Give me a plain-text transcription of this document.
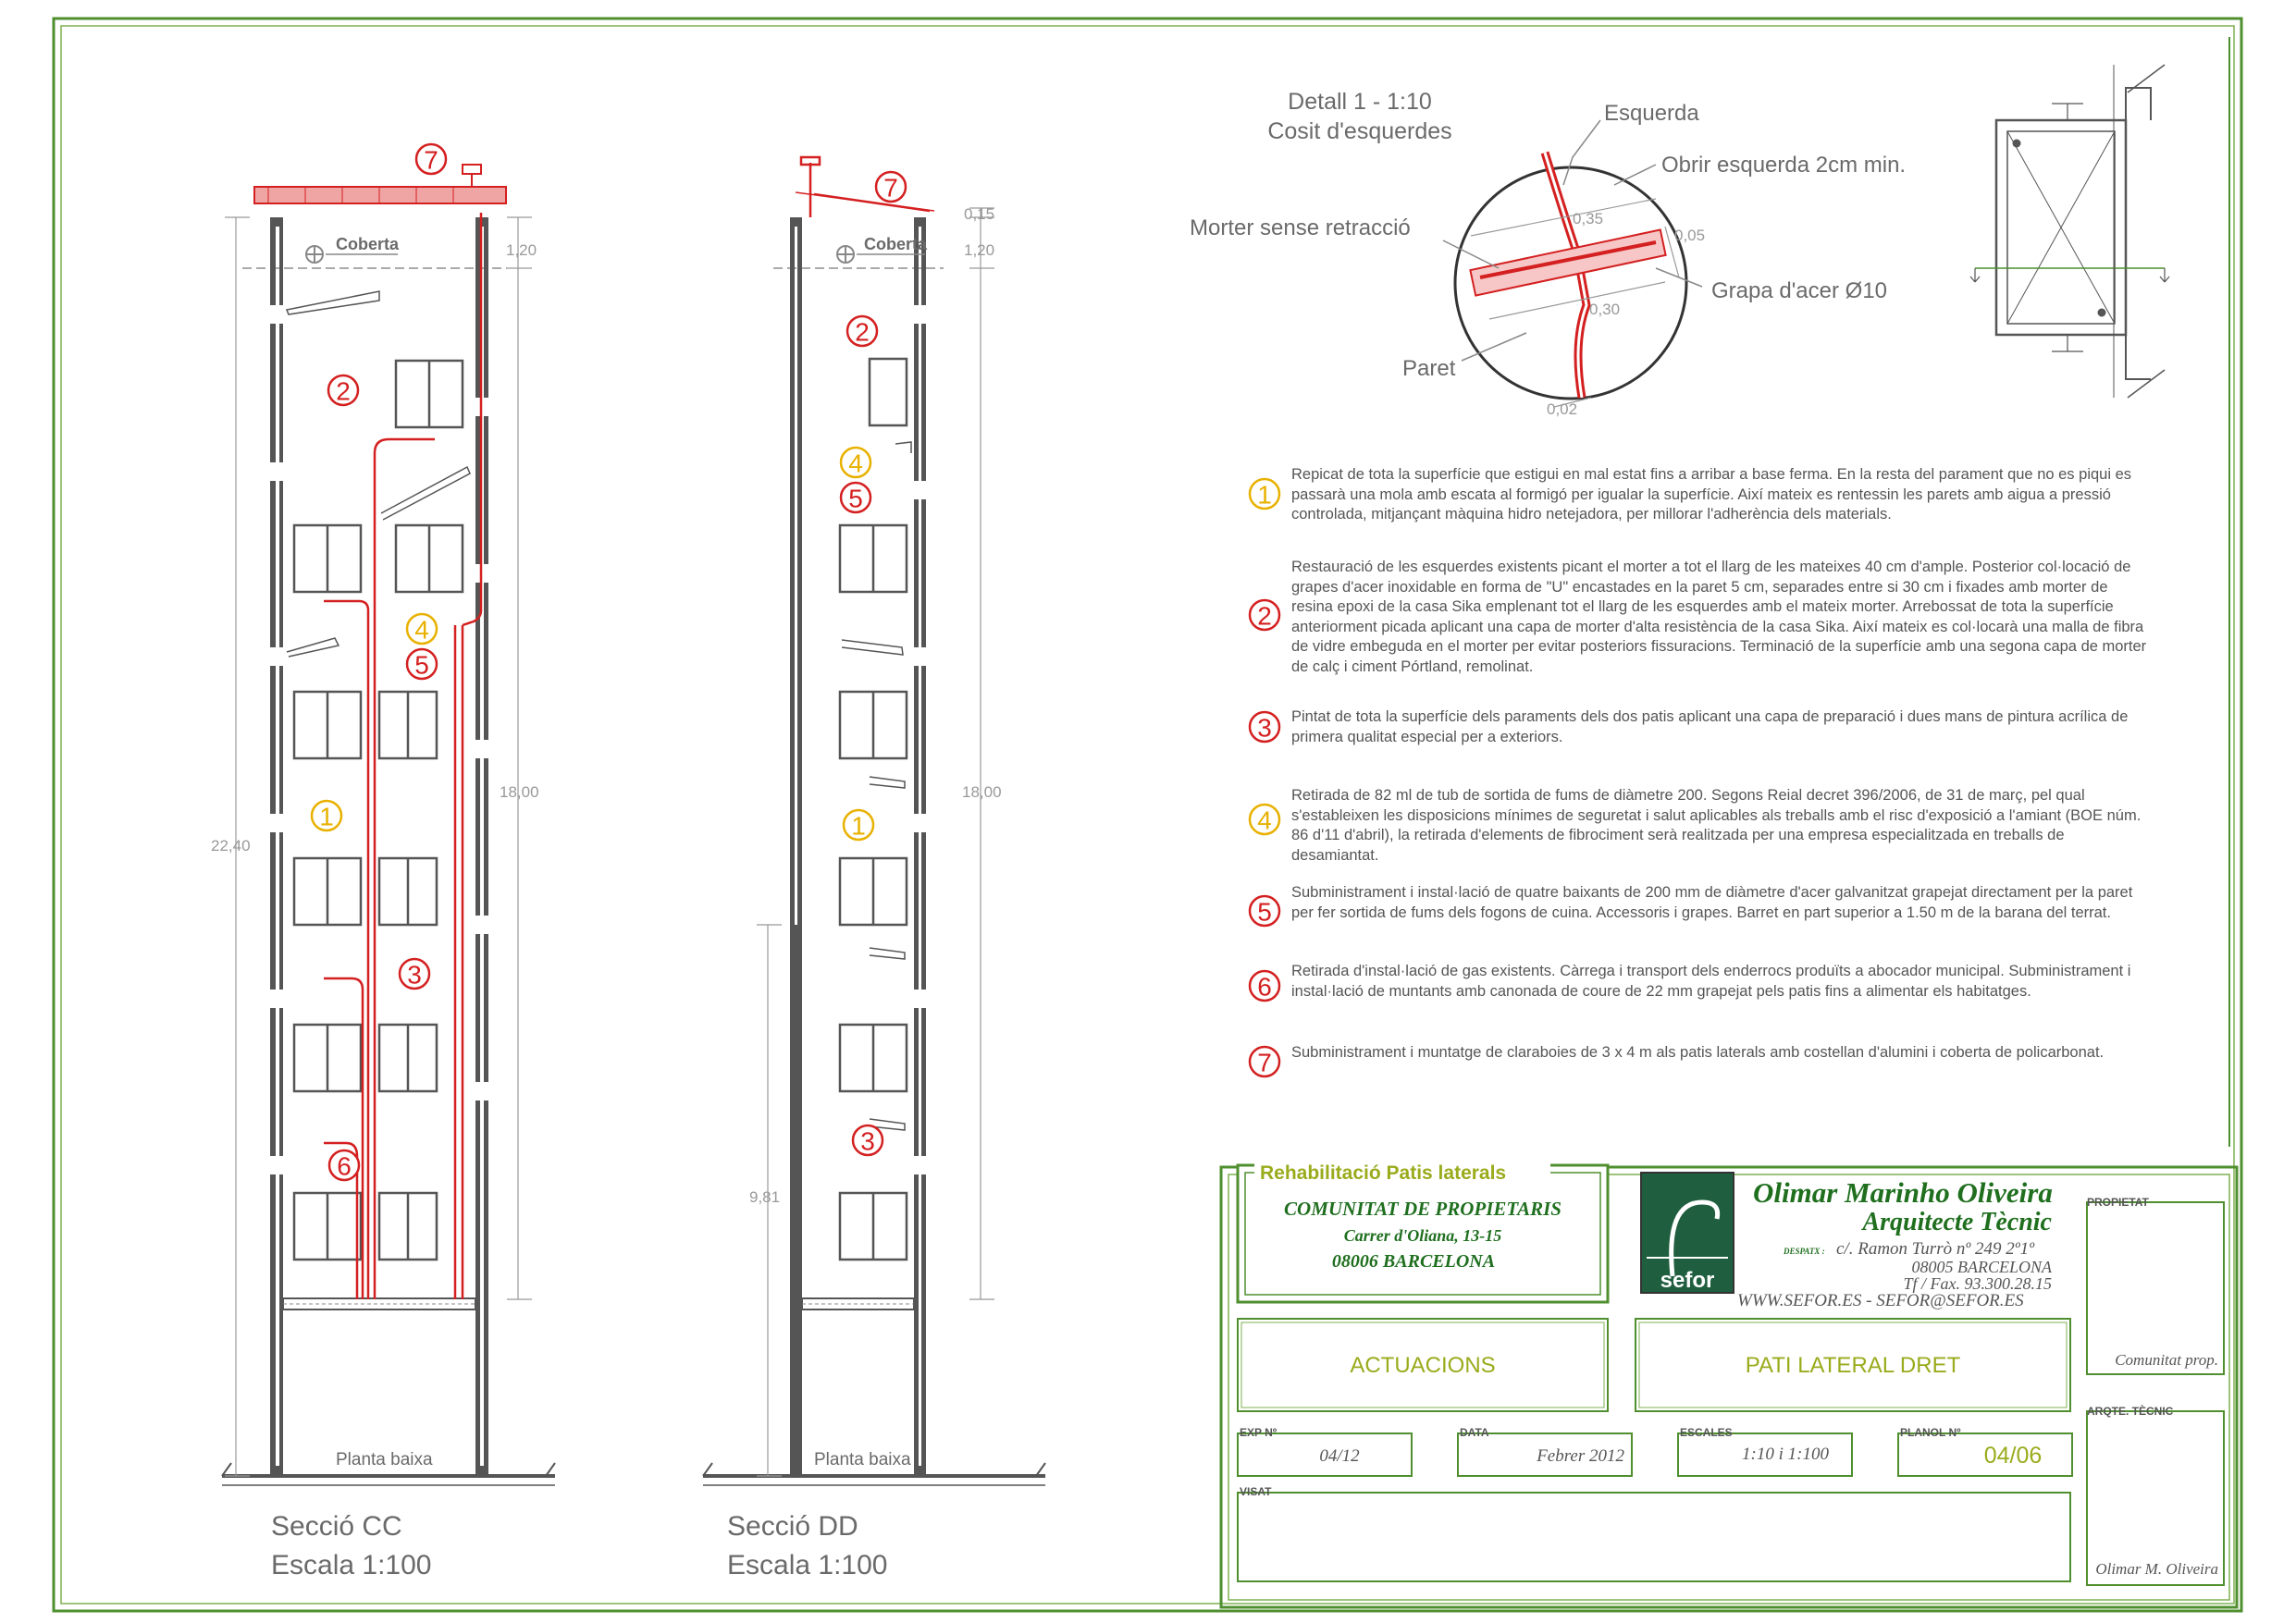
Coberta	1,20
18,00
22,40
Planta baixa
7
2
4
5
1
3
6
Secció CC
Escala 1:100
Coberta
0,15
1,20
18,00
9,81
Planta baixa
7
2
4
5
1
3
Secció DD
Escala 1:100
Detall 1 - 1:10
Cosit d'esquerdes
0,35
0,05
0,30
0,02
Esquerda
Obrir esquerda 2cm min.
Morter sense retracció
Grapa d'acer Ø10
Paret
1
2
3
4
5
6
7
Rehabilitació Patis laterals
COMUNITAT DE PROPIETARIS
Carrer d'Oliana, 13-15
08006 BARCELONA
sefor
Olimar Marinho Oliveira
Arquitecte Tècnic
DESPATX : c/. Ramon Turrò nº 249 2º1º
08005 BARCELONA
Tf / Fax. 93.300.28.15
WWW.SEFOR.ES - SEFOR@SEFOR.ES
ACTUACIONS	PATI LATERAL DRET
EXP Nº
04/12
DATA
Febrer 2012
ESCALES
1:10 i 1:100
PLANOL Nº
04/06
VISAT
PROPIETAT
Comunitat prop.
ARQTE. TÈCNIC
Olimar M. Oliveira
Repicat de tota la superfície que estigui en mal estat fins a arribar a base ferma. En la resta del parament que no es piqui es passarà una mola amb escata al formigó per igualar la superfície. Així mateix es rentessin les parets amb aigua a pressió controlada, mitjançant màquina hidro netejadora, per millorar l'adherència dels materials.
Restauració de les esquerdes existents picant el morter a tot el llarg de les mateixes 40 cm d'ample. Posterior col·locació de grapes d'acer inoxidable en forma de "U" encastades en la paret 5 cm, separades entre si 30 cm i fixades amb morter de resina epoxi de la casa Sika emplenant tot el llarg de les esquerdes amb el mateix morter. Arrebossat de tota la superfície anteriorment picada aplicant una capa de morter d'alta resistència de la casa Sika. Així mateix es col·locarà una malla de fibra de vidre embeguda en el morter per evitar posteriors fissuracions. Terminació de la superfície amb una segona capa de morter de calç i ciment Pórtland, remolinat.
Pintat de tota la superfície dels paraments dels dos patis aplicant una capa de preparació i dues mans de pintura acrílica de primera qualitat especial per a exteriors.
Retirada de 82 ml de tub de sortida de fums de diàmetre 200. Segons Reial decret 396/2006, de 31 de març, pel qual s'estableixen les disposicions mínimes de seguretat i salut aplicables als treballs amb el risc d'exposició a l'amiant (BOE núm. 86 d'11 d'abril), la retirada d'elements de fibrociment serà realitzada per una empresa especialitzada en treballs de desamiantat.
Subministrament i instal·lació de quatre baixants de 200 mm de diàmetre d'acer galvanitzat grapejat directament per la paret per fer sortida de fums dels fogons de cuina. Accessoris i grapes. Barret en part superior a 1.50 m de la barana del terrat.
Retirada d'instal·lació de gas existents. Càrrega i transport dels enderrocs produïts a abocador municipal. Subministrament i instal·lació de muntants amb canonada de coure de 22 mm grapejat pels patis fins a alimentar els habitatges.
Subministrament i muntatge de claraboies de 3 x 4 m als patis laterals amb costellan d'alumini i coberta de policarbonat.
